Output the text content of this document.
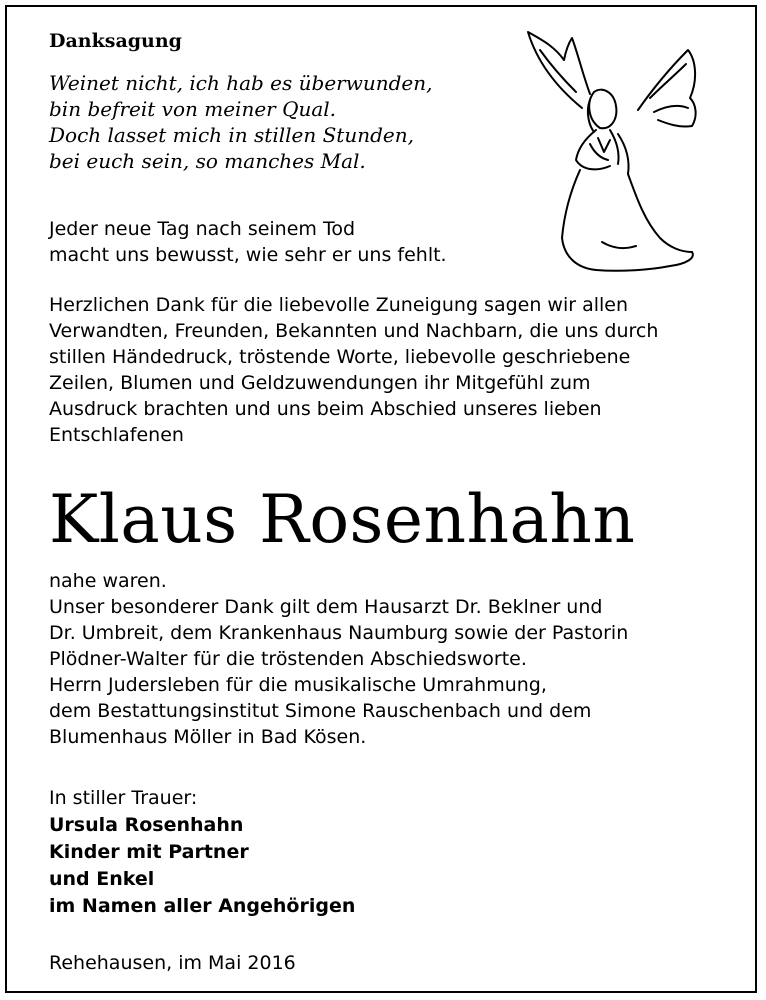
Danksagung
Weinet nicht, ich hab es überwunden,
bin befreit von meiner Qual.
Doch lasset mich in stillen Stunden,
bei euch sein, so manches Mal.
Jeder neue Tag nach seinem Tod
macht uns bewusst, wie sehr er uns fehlt.
Herzlichen Dank für die liebevolle Zuneigung sagen wir allen
Verwandten, Freunden, Bekannten und Nachbarn, die uns durch
stillen Händedruck, tröstende Worte, liebevolle geschriebene
Zeilen, Blumen und Geldzuwendungen ihr Mitgefühl zum
Ausdruck brachten und uns beim Abschied unseres lieben
Entschlafenen
Klaus Rosenhahn
nahe waren.
Unser besonderer Dank gilt dem Hausarzt Dr. Beklner und
Dr. Umbreit, dem Krankenhaus Naumburg sowie der Pastorin
Plödner-Walter für die tröstenden Abschiedsworte.
Herrn Judersleben für die musikalische Umrahmung,
dem Bestattungsinstitut Simone Rauschenbach und dem
Blumenhaus Möller in Bad Kösen.
In stiller Trauer:
Ursula Rosenhahn
Kinder mit Partner
und Enkel
im Namen aller Angehörigen
Rehehausen, im Mai 2016
